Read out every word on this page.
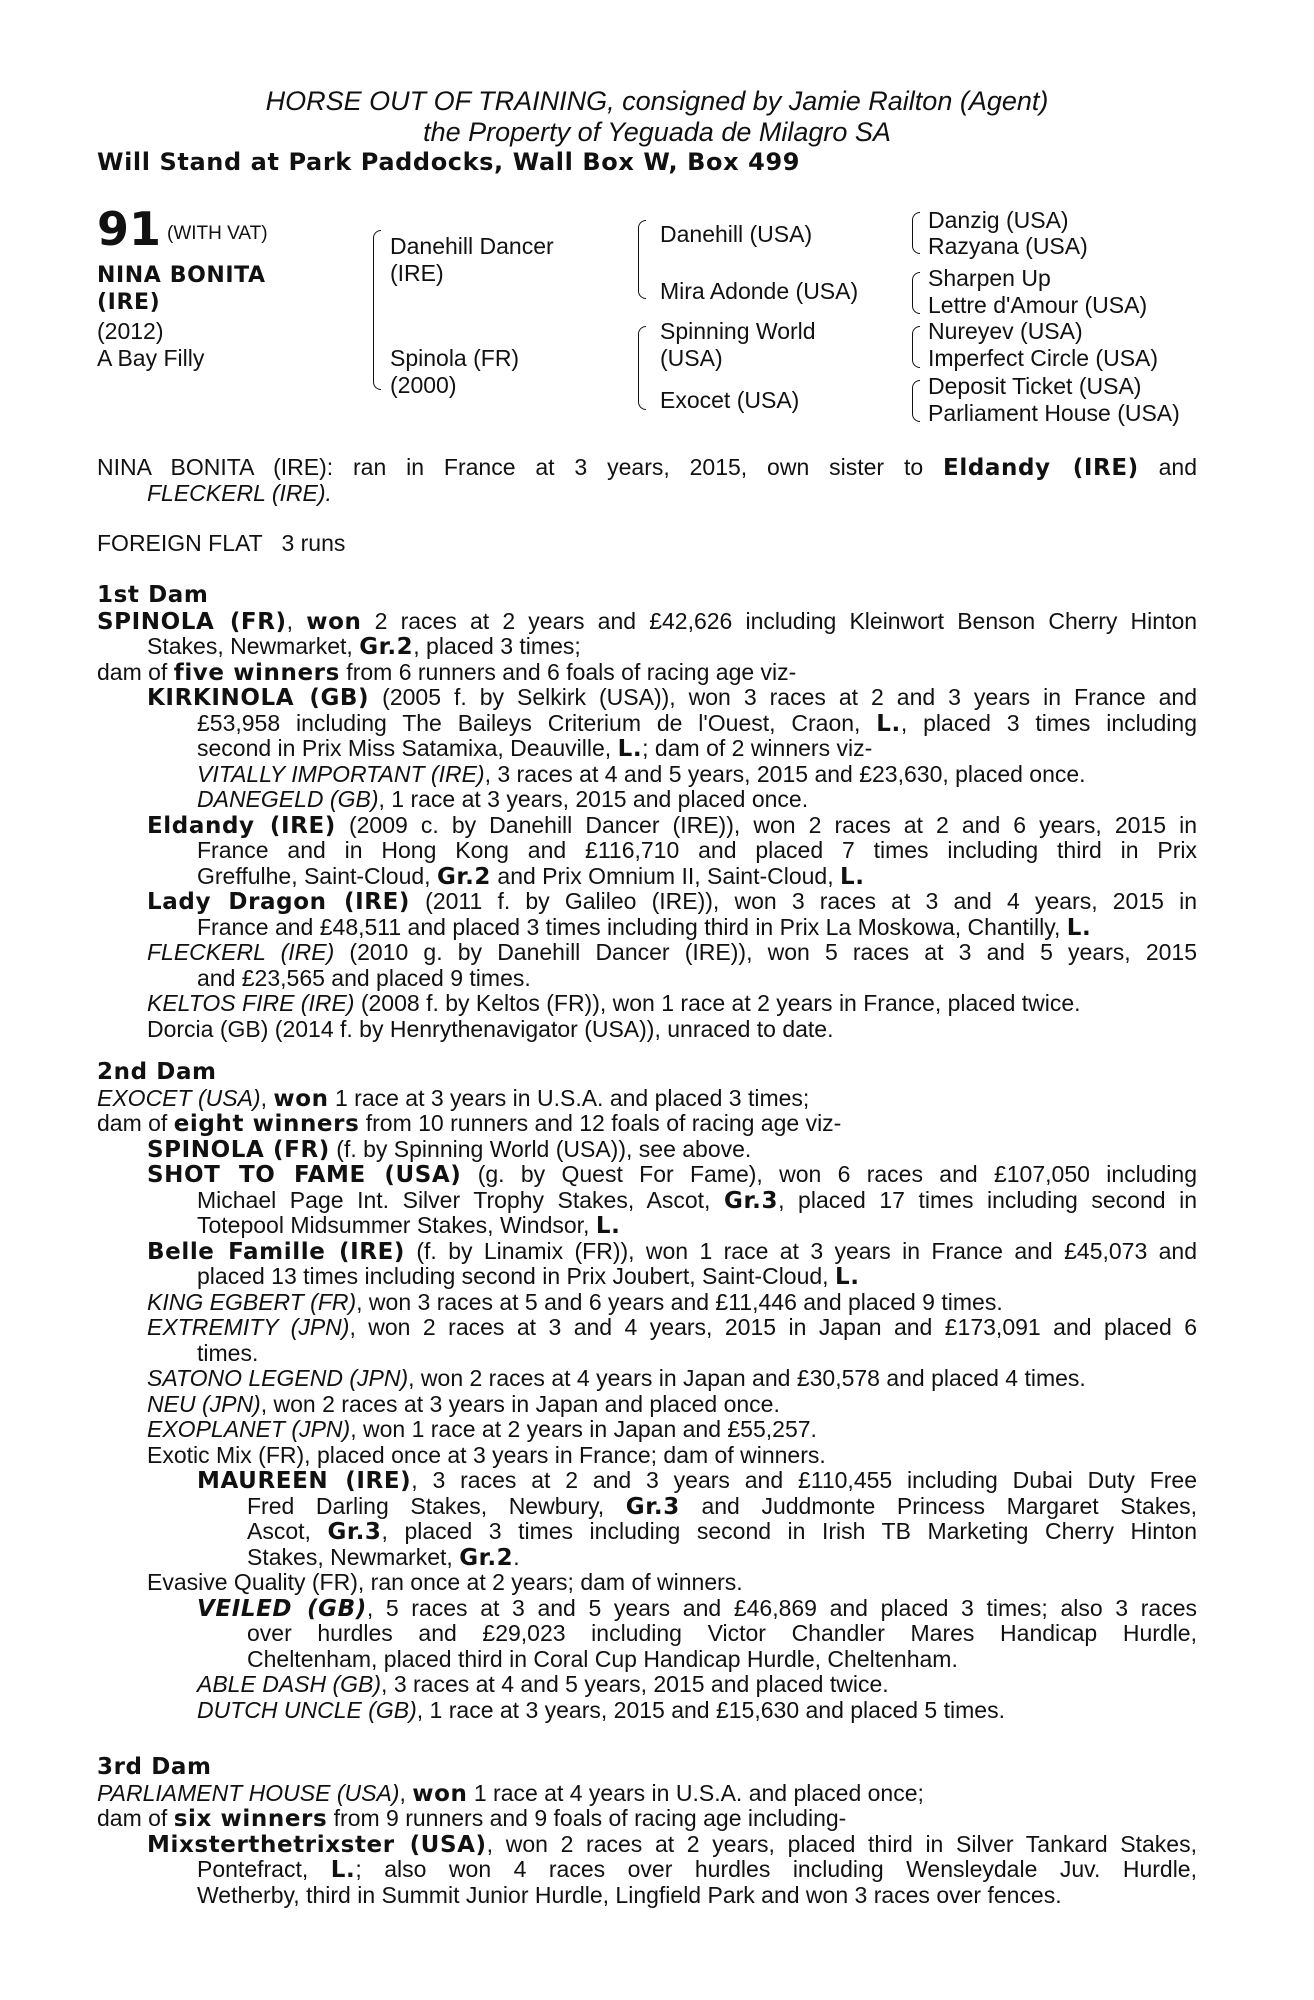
HORSE OUT OF TRAINING, consigned by Jamie Railton (Agent)
the Property of Yeguada de Milagro SA
Will Stand at Park Paddocks, Wall Box W, Box 499
91 $^{(WITH VAT)}$
NINA BONITA
(IRE)
(2012)
A Bay Filly
Danehill Dancer
(IRE)
Spinola (FR)
(2000)
Danehill (USA)
Mira Adonde (USA)
Spinning World
(USA)
Exocet (USA)
Danzig (USA)
Razyana (USA)
Sharpen Up
Lettre d'Amour (USA)
Nureyev (USA)
Imperfect Circle (USA)
Deposit Ticket (USA)
Parliament House (USA)
NINA BONITA (IRE): ran in France at 3 years, 2015, own sister to Eldandy (IRE) and
FLECKERL (IRE).
FOREIGN FLAT   3 runs
1st Dam
SPINOLA (FR), won 2 races at 2 years and £42,626 including Kleinwort Benson Cherry Hinton
Stakes, Newmarket, Gr.2, placed 3 times;
dam of five winners from 6 runners and 6 foals of racing age viz-
KIRKINOLA (GB) (2005 f. by Selkirk (USA)), won 3 races at 2 and 3 years in France and
£53,958 including The Baileys Criterium de l'Ouest, Craon, L., placed 3 times including
second in Prix Miss Satamixa, Deauville, L.; dam of 2 winners viz-
VITALLY IMPORTANT (IRE), 3 races at 4 and 5 years, 2015 and £23,630, placed once.
DANEGELD (GB), 1 race at 3 years, 2015 and placed once.
Eldandy (IRE) (2009 c. by Danehill Dancer (IRE)), won 2 races at 2 and 6 years, 2015 in
France and in Hong Kong and £116,710 and placed 7 times including third in Prix
Greffulhe, Saint-Cloud, Gr.2 and Prix Omnium II, Saint-Cloud, L.
Lady Dragon (IRE) (2011 f. by Galileo (IRE)), won 3 races at 3 and 4 years, 2015 in
France and £48,511 and placed 3 times including third in Prix La Moskowa, Chantilly, L.
FLECKERL (IRE) (2010 g. by Danehill Dancer (IRE)), won 5 races at 3 and 5 years, 2015
and £23,565 and placed 9 times.
KELTOS FIRE (IRE) (2008 f. by Keltos (FR)), won 1 race at 2 years in France, placed twice.
Dorcia (GB) (2014 f. by Henrythenavigator (USA)), unraced to date.
2nd Dam
EXOCET (USA), won 1 race at 3 years in U.S.A. and placed 3 times;
dam of eight winners from 10 runners and 12 foals of racing age viz-
SPINOLA (FR) (f. by Spinning World (USA)), see above.
SHOT TO FAME (USA) (g. by Quest For Fame), won 6 races and £107,050 including
Michael Page Int. Silver Trophy Stakes, Ascot, Gr.3, placed 17 times including second in
Totepool Midsummer Stakes, Windsor, L.
Belle Famille (IRE) (f. by Linamix (FR)), won 1 race at 3 years in France and £45,073 and
placed 13 times including second in Prix Joubert, Saint-Cloud, L.
KING EGBERT (FR), won 3 races at 5 and 6 years and £11,446 and placed 9 times.
EXTREMITY (JPN), won 2 races at 3 and 4 years, 2015 in Japan and £173,091 and placed 6
times.
SATONO LEGEND (JPN), won 2 races at 4 years in Japan and £30,578 and placed 4 times.
NEU (JPN), won 2 races at 3 years in Japan and placed once.
EXOPLANET (JPN), won 1 race at 2 years in Japan and £55,257.
Exotic Mix (FR), placed once at 3 years in France; dam of winners.
MAUREEN (IRE), 3 races at 2 and 3 years and £110,455 including Dubai Duty Free
Fred Darling Stakes, Newbury, Gr.3 and Juddmonte Princess Margaret Stakes,
Ascot, Gr.3, placed 3 times including second in Irish TB Marketing Cherry Hinton
Stakes, Newmarket, Gr.2.
Evasive Quality (FR), ran once at 2 years; dam of winners.
VEILED (GB), 5 races at 3 and 5 years and £46,869 and placed 3 times; also 3 races
over hurdles and £29,023 including Victor Chandler Mares Handicap Hurdle,
Cheltenham, placed third in Coral Cup Handicap Hurdle, Cheltenham.
ABLE DASH (GB), 3 races at 4 and 5 years, 2015 and placed twice.
DUTCH UNCLE (GB), 1 race at 3 years, 2015 and £15,630 and placed 5 times.
3rd Dam
PARLIAMENT HOUSE (USA), won 1 race at 4 years in U.S.A. and placed once;
dam of six winners from 9 runners and 9 foals of racing age including-
Mixsterthetrixster (USA), won 2 races at 2 years, placed third in Silver Tankard Stakes,
Pontefract, L.; also won 4 races over hurdles including Wensleydale Juv. Hurdle,
Wetherby, third in Summit Junior Hurdle, Lingfield Park and won 3 races over fences.
